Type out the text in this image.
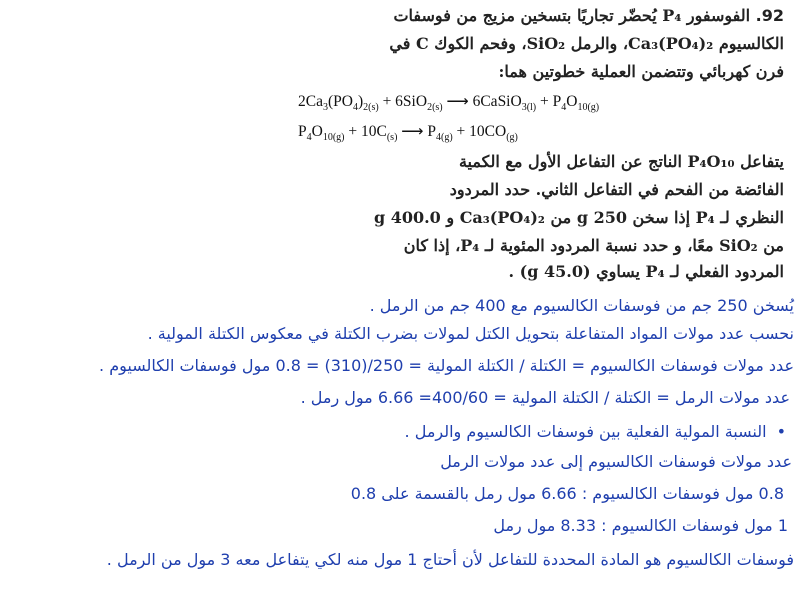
92. الفوسفور P₄ يُحضّر تجاريًا بتسخين مزيج من فوسفات
الكالسيوم Ca₃(PO₄)₂، والرمل SiO₂، وفحم الكوك C في
فرن كهربائي وتتضمن العملية خطوتين هما:
$2Ca_3(PO_4)_{2(s)} + 6SiO_{2(s)}$ ⟶ 6CaSiO$_{3(l)}$ + $P_4O_{10(g)}$
$P_4O_{10(g)} + 10C_{(s)}$ ⟶ $P_{4(g)} + 10CO_{(g)}$
يتفاعل P₄O₁₀ الناتج عن التفاعل الأول مع الكمية
الفائضة من الفحم في التفاعل الثاني. حدد المردود
النظري لـ P₄ إذا سخن 250 g من Ca₃(PO₄)₂ و 400.0 g
من SiO₂ معًا، و حدد نسبة المردود المئوية لـ P₄، إذا كان
المردود الفعلي لـ P₄ يساوي (45.0 g) .
يُسخن 250 جم من فوسفات الكالسيوم مع 400 جم من الرمل .
نحسب عدد مولات المواد المتفاعلة بتحويل الكتل لمولات بضرب الكتلة في معكوس الكتلة المولية .
عدد مولات فوسفات الكالسيوم = الكتلة / الكتلة المولية = 250/(310) = 0.8 مول فوسفات الكالسيوم .
عدد مولات الرمل = الكتلة / الكتلة المولية = 400/60= 6.66 مول رمل .
•النسبة المولية الفعلية بين فوسفات الكالسيوم والرمل .
عدد مولات فوسفات الكالسيوم إلى عدد مولات الرمل
0.8 مول فوسفات الكالسيوم : 6.66 مول رمل بالقسمة على 0.8
1 مول فوسفات الكالسيوم : 8.33 مول رمل
فوسفات الكالسيوم هو المادة المحددة للتفاعل لأن أحتاج 1 مول منه لكي يتفاعل معه 3 مول من الرمل .
